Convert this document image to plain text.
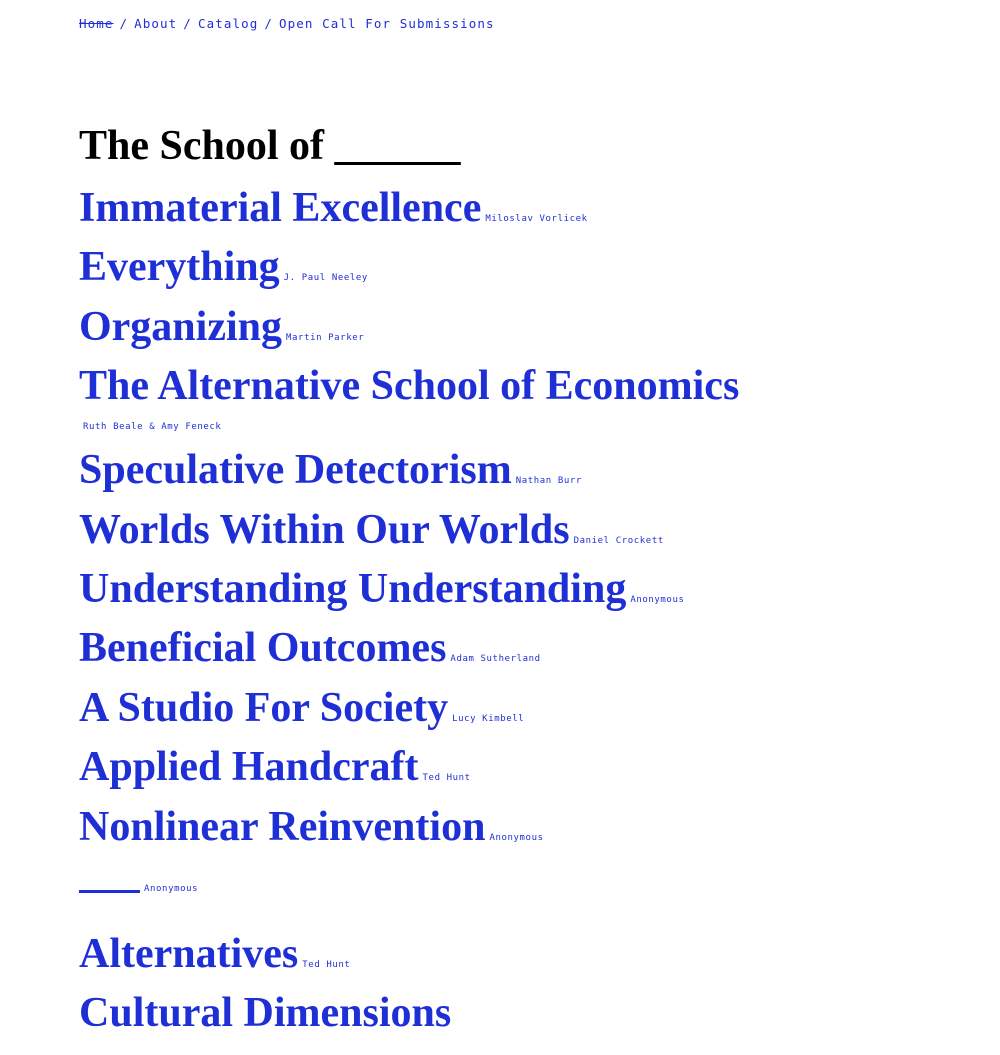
Home / About / Catalog / Open Call For Submissions
The School of ______
Immaterial Excellence Miloslav Vorlicek
Everything J. Paul Neeley
Organizing Martin Parker
The Alternative School of Economics
Ruth Beale & Amy Feneck
Speculative Detectorism Nathan Burr
Worlds Within Our Worlds Daniel Crockett
Understanding Understanding Anonymous
Beneficial Outcomes Adam Sutherland
A Studio For Society Lucy Kimbell
Applied Handcraft Ted Hunt
Nonlinear Reinvention Anonymous
Anonymous
Alternatives Ted Hunt
Cultural Dimensions
